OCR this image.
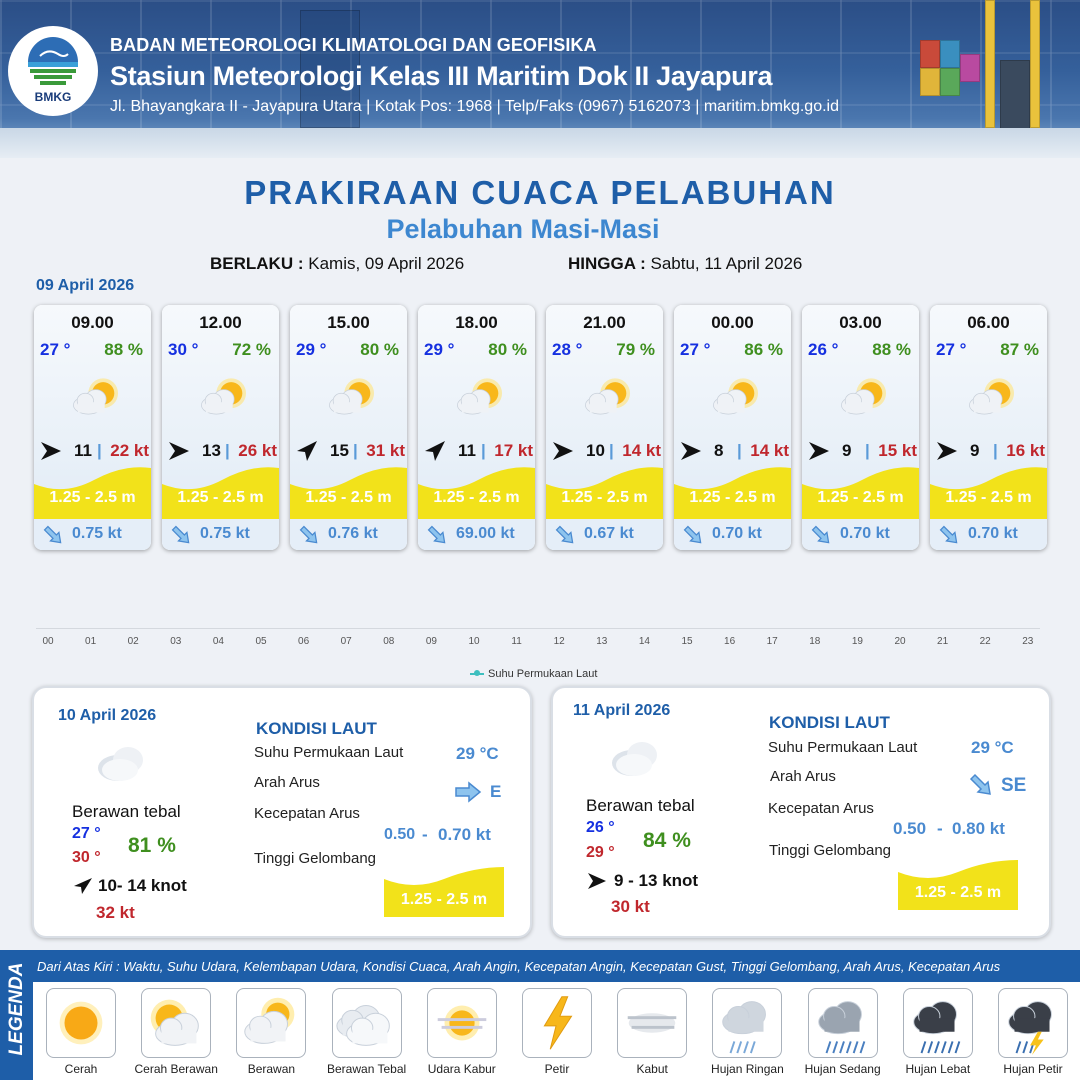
BMKG
BADAN METEOROLOGI KLIMATOLOGI DAN GEOFISIKA
Stasiun Meteorologi Kelas III Maritim Dok II Jayapura
Jl. Bhayangkara II - Jayapura Utara | Kotak Pos: 1968 | Telp/Faks (0967) 5162073 | maritim.bmkg.go.id
PRAKIRAAN CUACA PELABUHAN
Pelabuhan Masi-Masi
BERLAKU : Kamis, 09 April 2026	HINGGA : Sabtu, 11 April 2026
09 April 2026
09.00
27 ° 88 %
11 | 22 kt
1.25 - 2.5 m
0.75 kt
12.00
30 ° 72 %
13 | 26 kt
1.25 - 2.5 m
0.75 kt
15.00
29 ° 80 %
15 | 31 kt
1.25 - 2.5 m
0.76 kt
18.00
29 ° 80 %
11 | 17 kt
1.25 - 2.5 m
69.00 kt
21.00
28 ° 79 %
10 | 14 kt
1.25 - 2.5 m
0.67 kt
00.00
27 ° 86 %
8 | 14 kt
1.25 - 2.5 m
0.70 kt
03.00
26 ° 88 %
9 | 15 kt
1.25 - 2.5 m
0.70 kt
06.00
27 ° 87 %
9 | 16 kt
1.25 - 2.5 m
0.70 kt
00	01	02	03	04	05	06	07	08	09	10	11	12	13	14	15	16	17	18	19	20	21	22	23
Suhu Permukaan Laut
10 April 2026
Berawan tebal
27 °
30 °
81 %
10- 14 knot
32 kt
KONDISI LAUT
Suhu Permukaan Laut	29 °C
Arah Arus	E
Kecepatan Arus
0.50 - 0.70 kt
Tinggi Gelombang
1.25 - 2.5 m
11 April 2026
Berawan tebal
26 °
29 °
84 %
9 - 13 knot
30 kt
KONDISI LAUT
Suhu Permukaan Laut	29 °C
Arah Arus	SE
Kecepatan Arus
0.50 - 0.80 kt
Tinggi Gelombang
1.25 - 2.5 m
LEGENDA Dari Atas Kiri : Waktu, Suhu Udara, Kelembapan Udara, Kondisi Cuaca, Arah Angin, Kecepatan Angin, Kecepatan Gust, Tinggi Gelombang, Arah Arus, Kecepatan Arus
Cerah	Cerah Berawan	Berawan	Berawan Tebal	Udara Kabur	Petir	Kabut	Hujan Ringan	Hujan Sedang	Hujan Lebat	Hujan Petir
